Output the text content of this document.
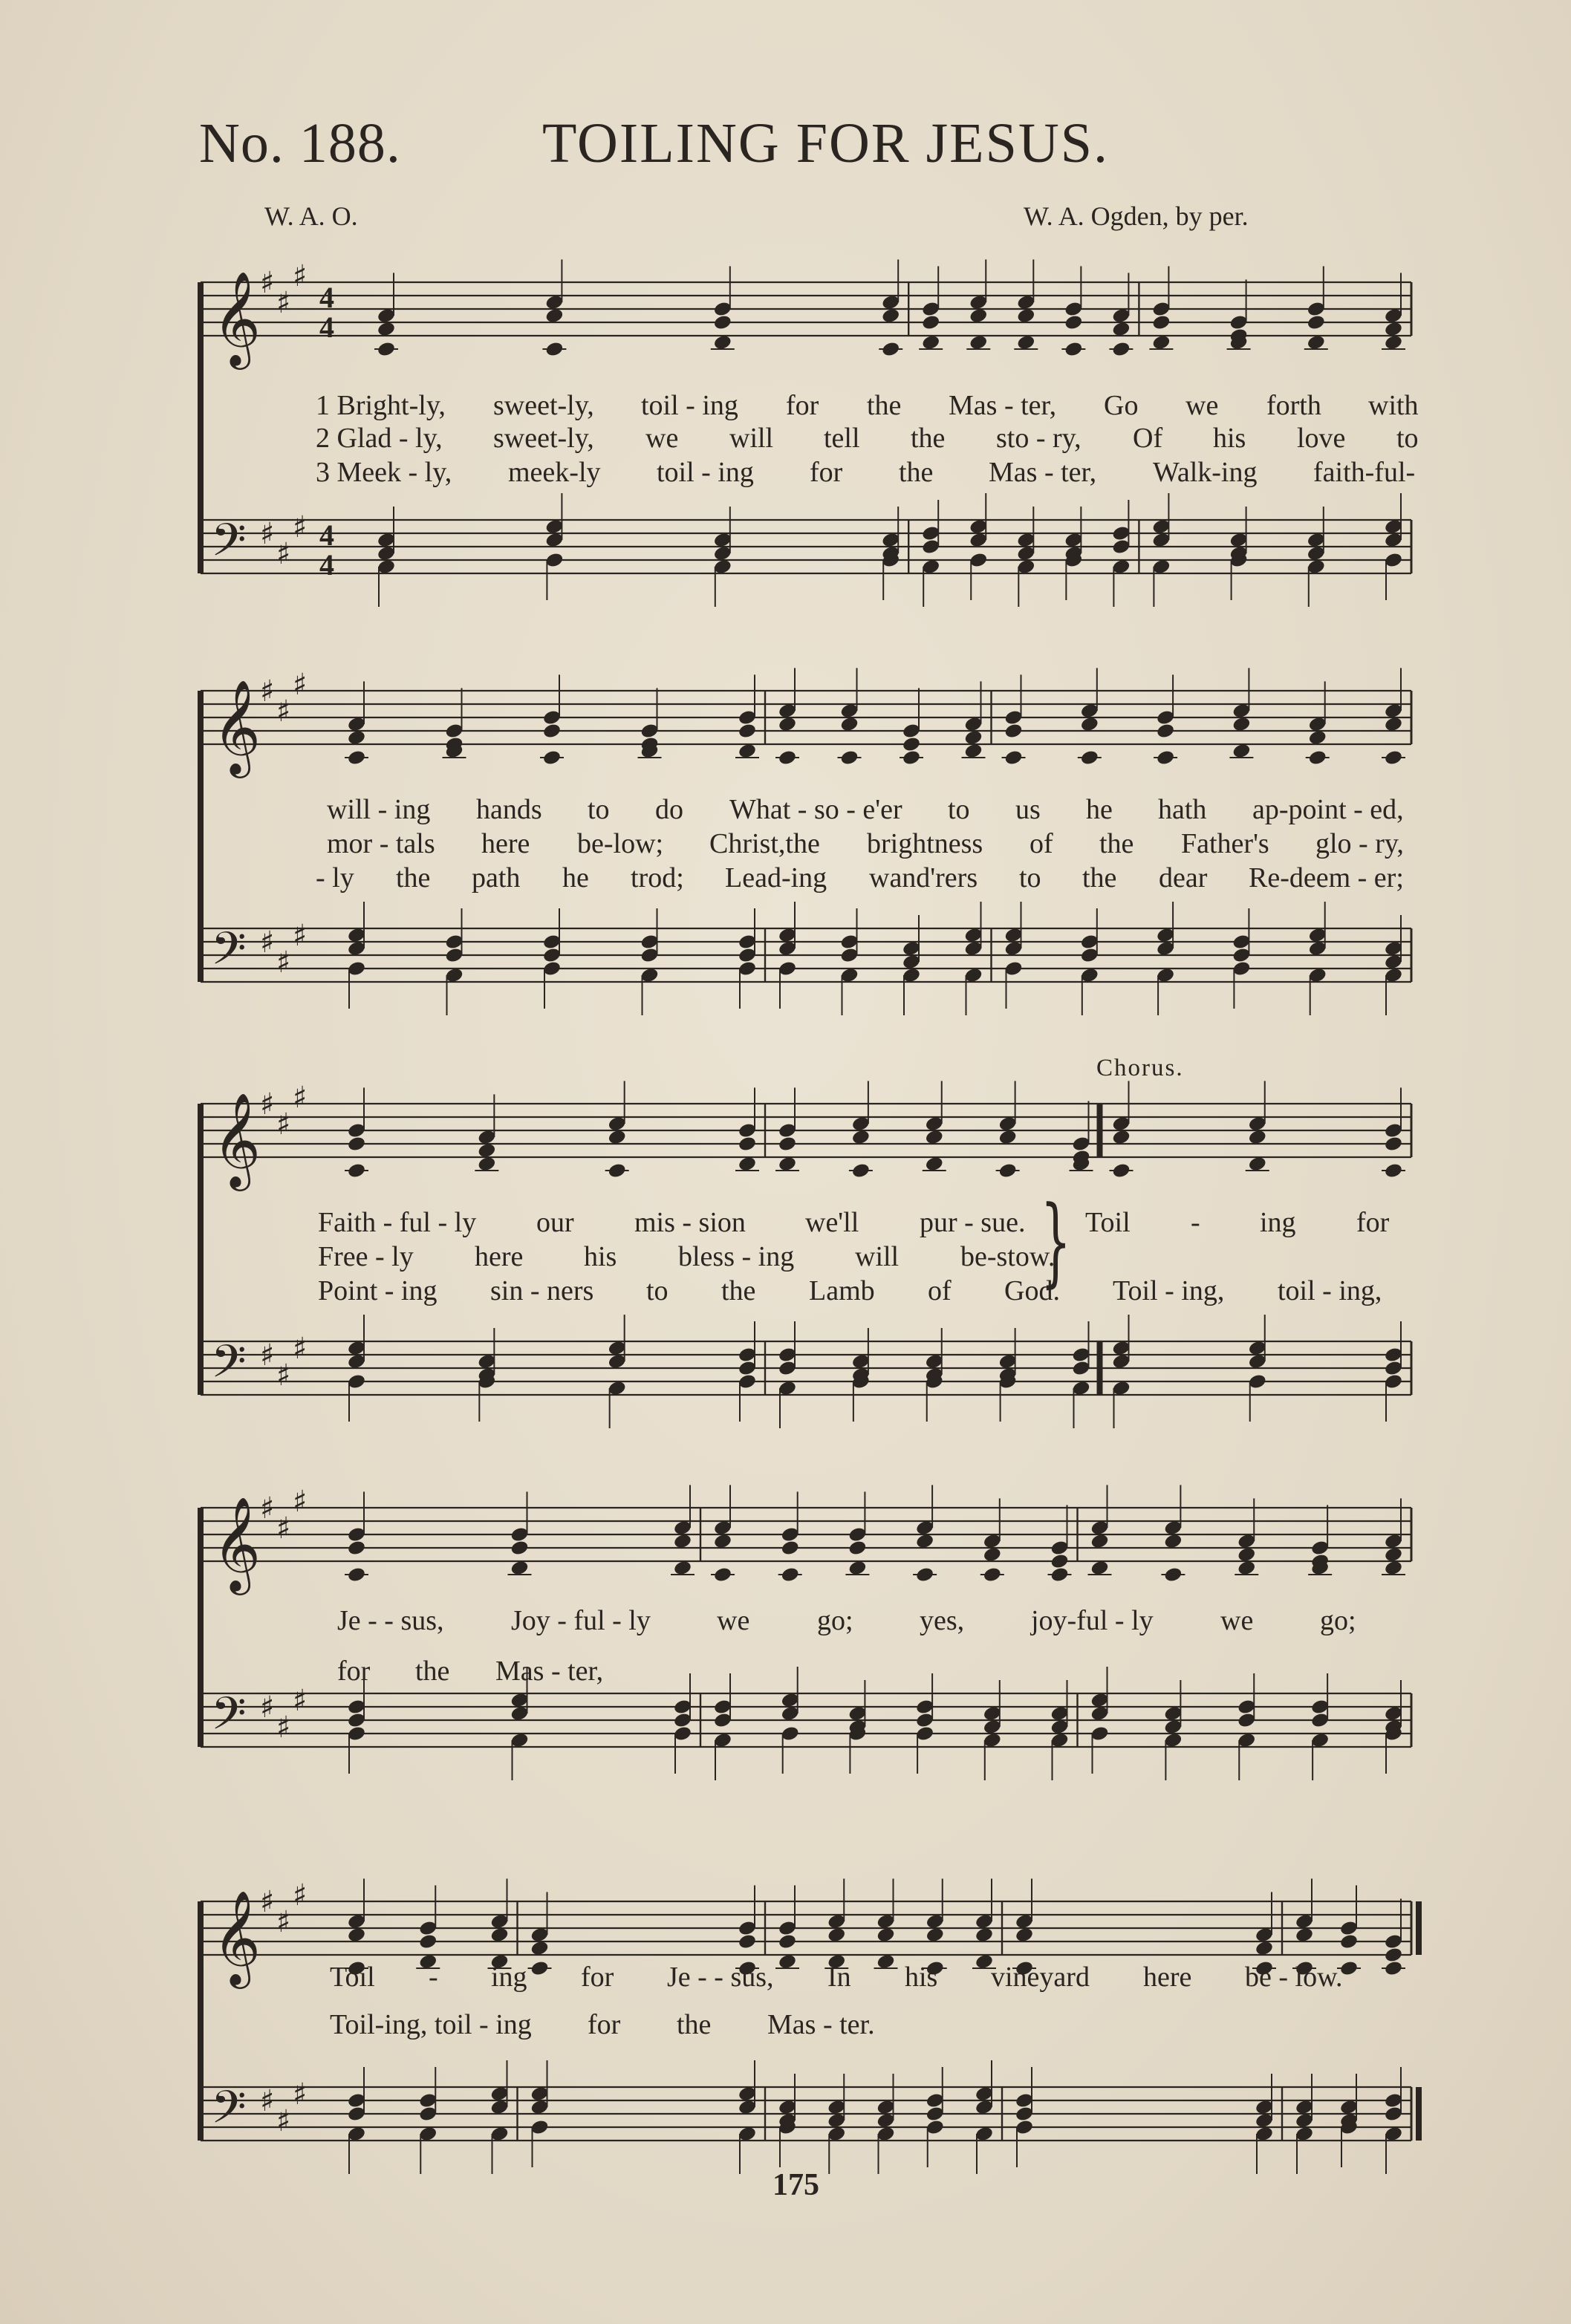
No. 188.	TOILING FOR JESUS.
W. A. O.	W. A. Ogden, by per.
𝄞
𝄢
♯
♯
♯
♯
♯
♯
4
4
4
4
𝄞
𝄢
♯
♯
♯
♯
♯
♯
Chorus.
𝄞
𝄢
♯
♯
♯
♯
♯
♯
}
𝄞
𝄢
♯
♯
♯
♯
♯
♯
𝄞
𝄢
♯
♯
♯
♯
♯
♯
175
1 Bright-ly, sweet-ly, toil - ing for the Mas - ter, Go we forth with
2 Glad - ly, sweet-ly, we will tell the sto - ry, Of his love to
3 Meek - ly, meek-ly toil - ing for the Mas - ter, Walk-ing faith-ful-
will - ing hands to do What - so - e'er to us he hath ap-point - ed,
mor - tals here be-low; Christ,the brightness of the Father's glo - ry,
- ly the path he trod; Lead-ing wand'rers to the dear Re-deem - er;
Faith - ful - ly our mis - sion we'll pur - sue. Toil - ing for
Free - ly here his bless - ing will be-stow.
Point - ing sin - ners to the Lamb of God. Toil - ing, toil - ing,
Je - - sus, Joy - ful - ly we go; yes, joy-ful - ly we go;
for the Mas - ter,
Toil - ing for Je - - sus, In his vineyard here be - low.
Toil-ing, toil - ing for the Mas - ter.
